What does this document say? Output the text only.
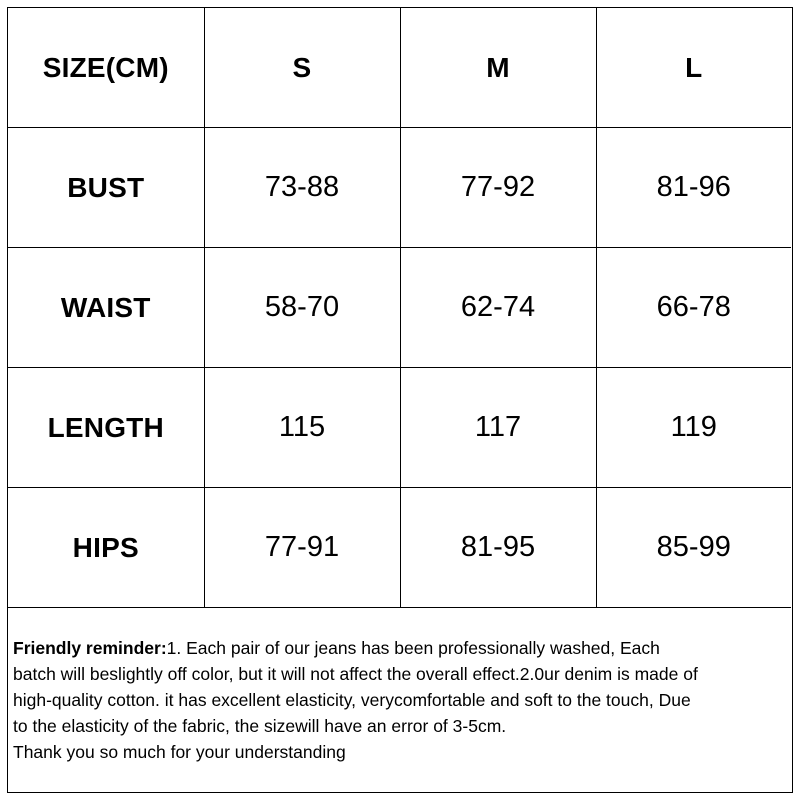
SIZE(CM)	S	M	L
BUST	73-88	77-92	81-96
WAIST	58-70	62-74	66-78
LENGTH	115	117	119
HIPS	77-91	81-95	85-99
Friendly reminder:1. Each pair of our jeans has been professionally washed, Each
batch will beslightly off color, but it will not affect the overall effect.2.0ur denim is made of
high-quality cotton. it has excellent elasticity, verycomfortable and soft to the touch, Due
to the elasticity of the fabric, the sizewill have an error of 3-5cm.
Thank you so much for your understanding
